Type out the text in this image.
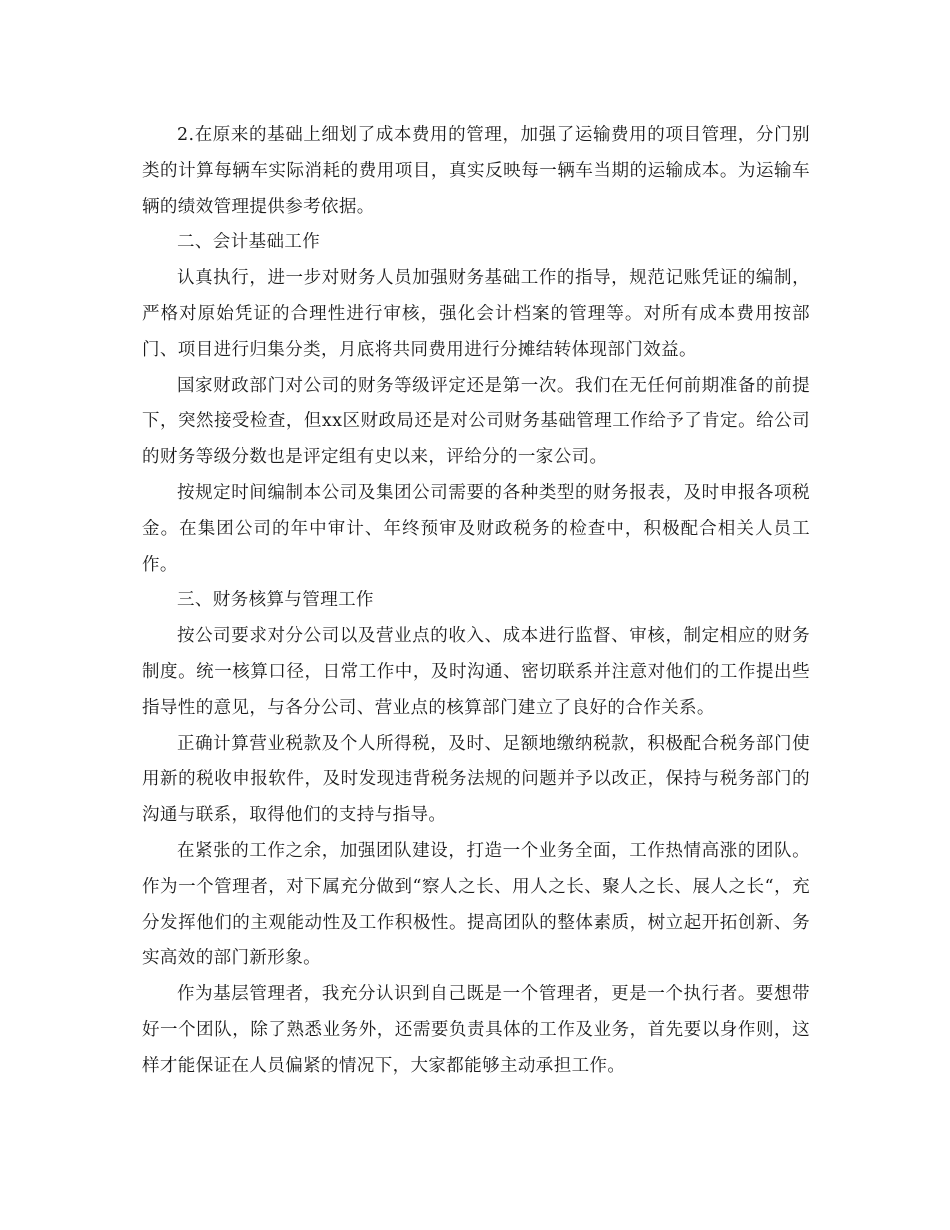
2.在原来的基础上细划了成本费用的管理，加强了运输费用的项目管理，分门别类的计算每辆车实际消耗的费用项目，真实反映每一辆车当期的运输成本。为运输车辆的绩效管理提供参考依据。

二、会计基础工作

认真执行，进一步对财务人员加强财务基础工作的指导，规范记账凭证的编制，严格对原始凭证的合理性进行审核，强化会计档案的管理等。对所有成本费用按部门、项目进行归集分类，月底将共同费用进行分摊结转体现部门效益。

国家财政部门对公司的财务等级评定还是第一次。我们在无任何前期准备的前提下，突然接受检查，但xx区财政局还是对公司财务基础管理工作给予了肯定。给公司的财务等级分数也是评定组有史以来，评给分的一家公司。

按规定时间编制本公司及集团公司需要的各种类型的财务报表，及时申报各项税金。在集团公司的年中审计、年终预审及财政税务的检查中，积极配合相关人员工作。

三、财务核算与管理工作

按公司要求对分公司以及营业点的收入、成本进行监督、审核，制定相应的财务制度。统一核算口径，日常工作中，及时沟通、密切联系并注意对他们的工作提出些指导性的意见，与各分公司、营业点的核算部门建立了良好的合作关系。

正确计算营业税款及个人所得税，及时、足额地缴纳税款，积极配合税务部门使用新的税收申报软件，及时发现违背税务法规的问题并予以改正，保持与税务部门的沟通与联系，取得他们的支持与指导。

在紧张的工作之余，加强团队建设，打造一个业务全面，工作热情高涨的团队。作为一个管理者，对下属充分做到“察人之长、用人之长、聚人之长、展人之长“，充分发挥他们的主观能动性及工作积极性。提高团队的整体素质，树立起开拓创新、务实高效的部门新形象。

作为基层管理者，我充分认识到自己既是一个管理者，更是一个执行者。要想带好一个团队，除了熟悉业务外，还需要负责具体的工作及业务，首先要以身作则，这样才能保证在人员偏紧的情况下，大家都能够主动承担工作。
